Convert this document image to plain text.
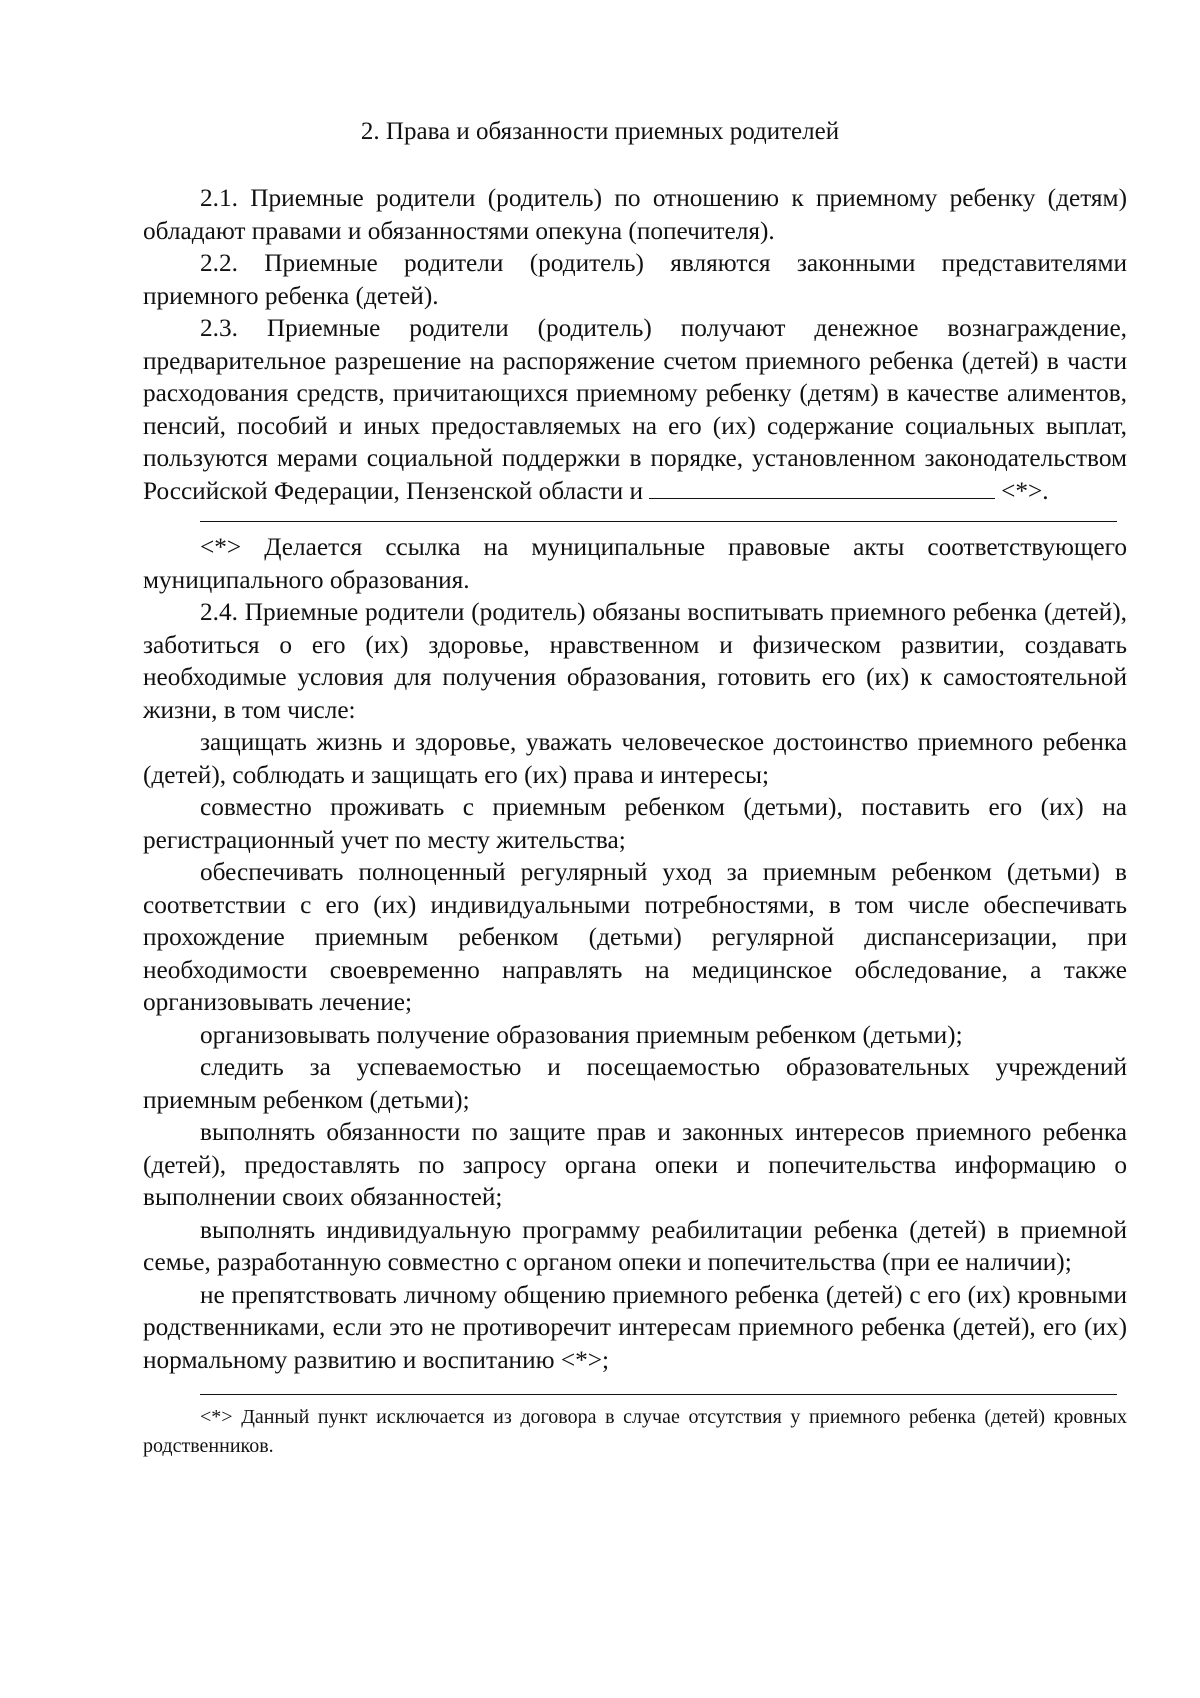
2. Права и обязанности приемных родителей

2.1. Приемные родители (родитель) по отношению к приемному ребенку (детям) обладают правами и обязанностями опекуна (попечителя).

2.2. Приемные родители (родитель) являются законными представителями приемного ребенка (детей).

2.3. Приемные родители (родитель) получают денежное вознаграждение, предварительное разрешение на распоряжение счетом приемного ребенка (детей) в части расходования средств, причитающихся приемному ребенку (детям) в качестве алиментов, пенсий, пособий и иных предоставляемых на его (их) содержание социальных выплат, пользуются мерами социальной поддержки в порядке, установленном законодательством Российской Федерации, Пензенской области и	<*>.

<*> Делается ссылка на муниципальные правовые акты соответствующего муниципального образования.

2.4. Приемные родители (родитель) обязаны воспитывать приемного ребенка (детей), заботиться о его (их) здоровье, нравственном и физическом развитии, создавать необходимые условия для получения образования, готовить его (их) к самостоятельной жизни, в том числе:

защищать жизнь и здоровье, уважать человеческое достоинство приемного ребенка (детей), соблюдать и защищать его (их) права и интересы;

совместно проживать с приемным ребенком (детьми), поставить его (их) на регистрационный учет по месту жительства;

обеспечивать полноценный регулярный уход за приемным ребенком (детьми) в соответствии с его (их) индивидуальными потребностями, в том числе обеспечивать прохождение приемным ребенком (детьми) регулярной диспансеризации, при необходимости своевременно направлять на медицинское обследование, а также организовывать лечение;

организовывать получение образования приемным ребенком (детьми);

следить за успеваемостью и посещаемостью образовательных учреждений приемным ребенком (детьми);

выполнять обязанности по защите прав и законных интересов приемного ребенка (детей), предоставлять по запросу органа опеки и попечительства информацию о выполнении своих обязанностей;

выполнять индивидуальную программу реабилитации ребенка (детей) в приемной семье, разработанную совместно с органом опеки и попечительства (при ее наличии);

не препятствовать личному общению приемного ребенка (детей) с его (их) кровными родственниками, если это не противоречит интересам приемного ребенка (детей), его (их) нормальному развитию и воспитанию <*>;

<*> Данный пункт исключается из договора в случае отсутствия у приемного ребенка (детей) кровных родственников.
